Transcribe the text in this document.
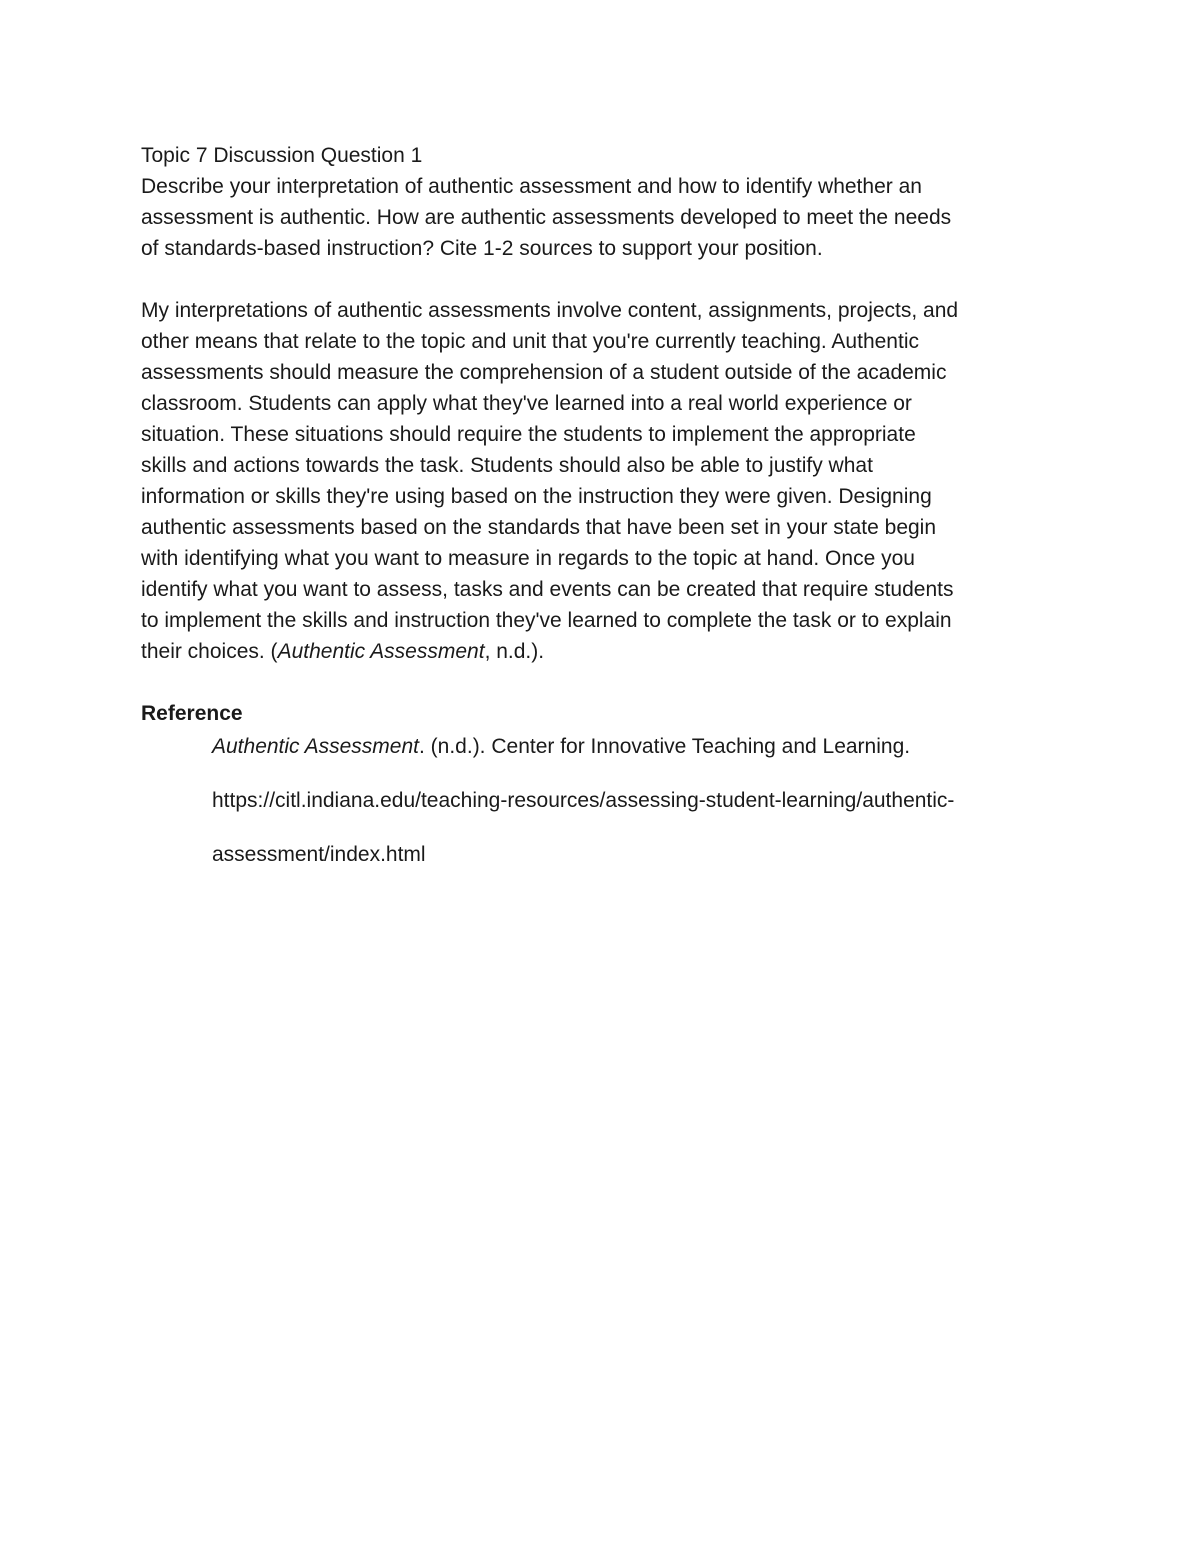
Topic 7 Discussion Question 1
Describe your interpretation of authentic assessment and how to identify whether an
assessment is authentic. How are authentic assessments developed to meet the needs
of standards-based instruction? Cite 1-2 sources to support your position.
My interpretations of authentic assessments involve content, assignments, projects, and
other means that relate to the topic and unit that you're currently teaching. Authentic
assessments should measure the comprehension of a student outside of the academic
classroom. Students can apply what they've learned into a real world experience or
situation. These situations should require the students to implement the appropriate
skills and actions towards the task. Students should also be able to justify what
information or skills they're using based on the instruction they were given. Designing
authentic assessments based on the standards that have been set in your state begin
with identifying what you want to measure in regards to the topic at hand. Once you
identify what you want to assess, tasks and events can be created that require students
to implement the skills and instruction they've learned to complete the task or to explain
their choices. (Authentic Assessment, n.d.).
Reference
Authentic Assessment. (n.d.). Center for Innovative Teaching and Learning.
https://citl.indiana.edu/teaching-resources/assessing-student-learning/authentic-
assessment/index.html
